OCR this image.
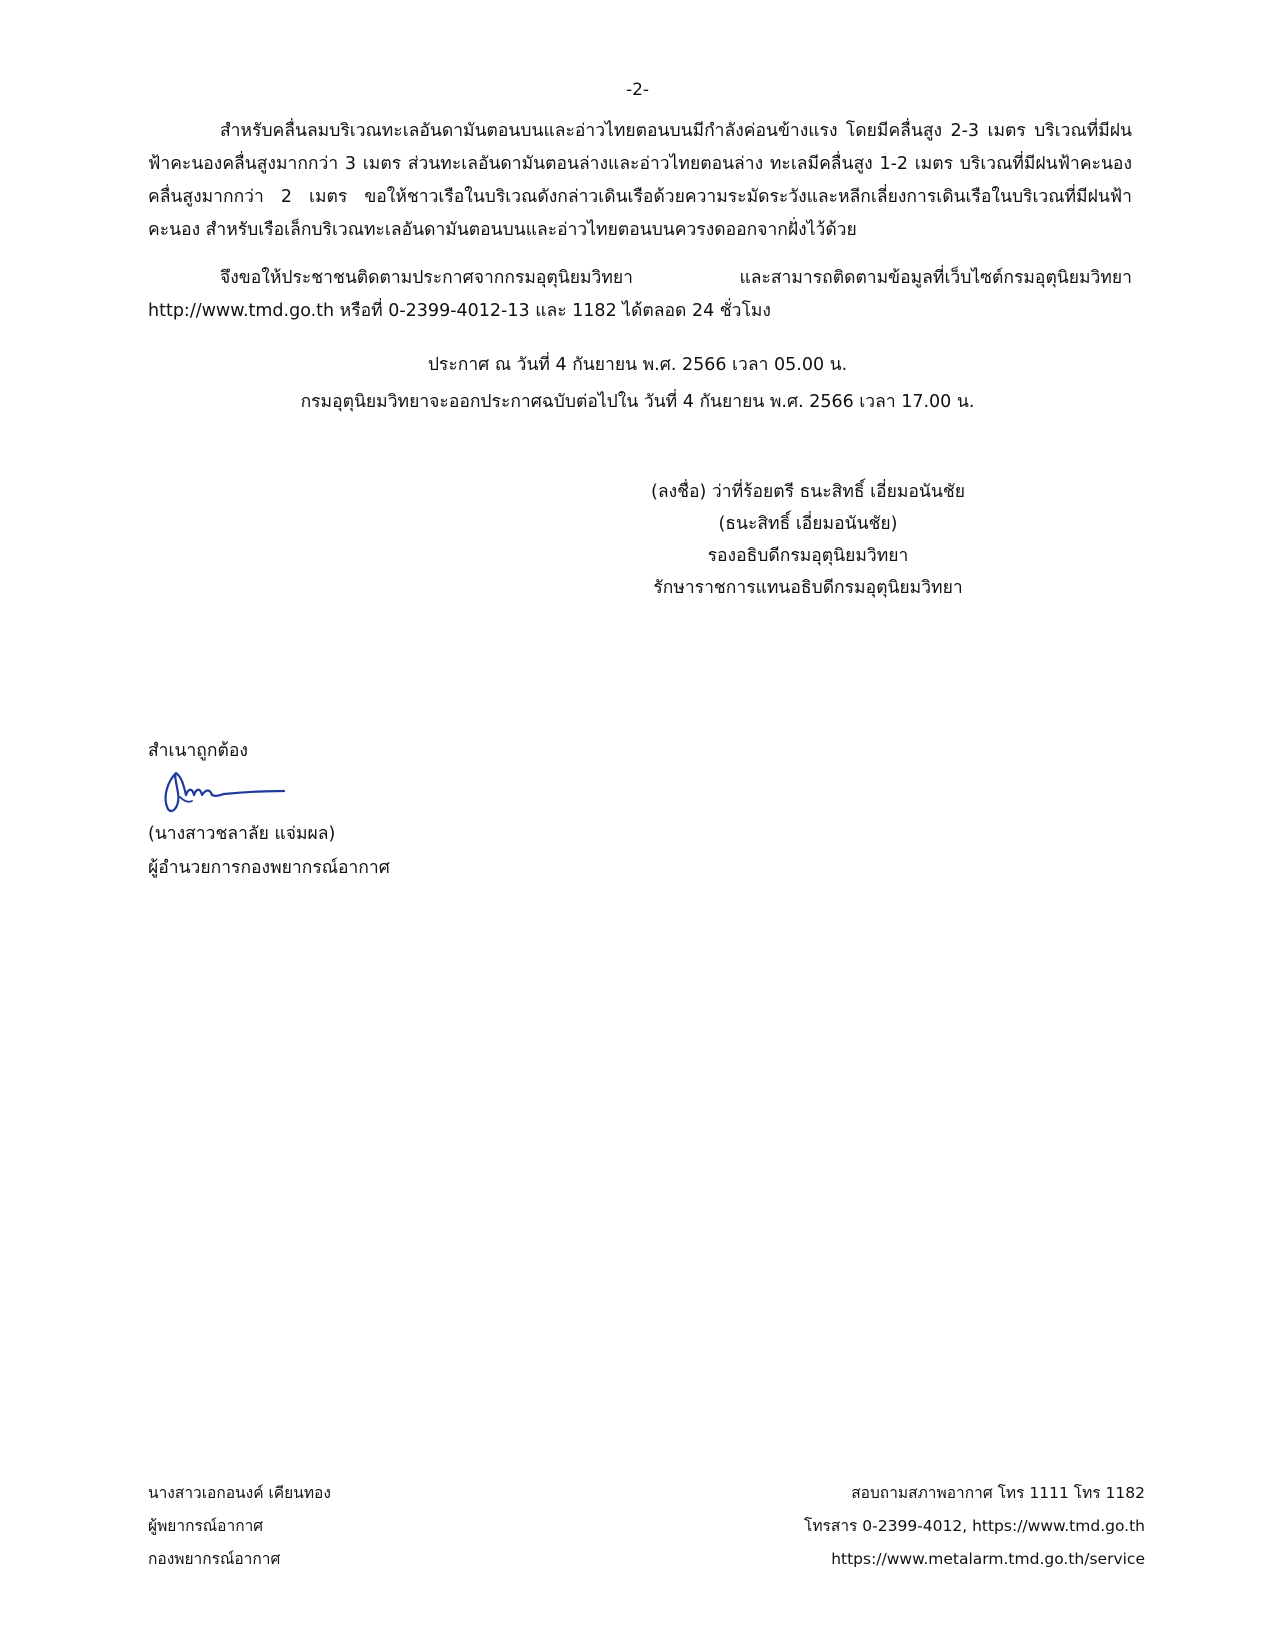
-2-

สำหรับคลื่นลมบริเวณทะเลอันดามันตอนบนและอ่าวไทยตอนบนมีกำลังค่อนข้างแรง โดยมีคลื่นสูง 2-3 เมตร บริเวณที่มีฝนฟ้าคะนองคลื่นสูงมากกว่า 3 เมตร ส่วนทะเลอันดามันตอนล่างและอ่าวไทยตอนล่าง ทะเลมีคลื่นสูง 1-2 เมตร บริเวณที่มีฝนฟ้าคะนองคลื่นสูงมากกว่า 2 เมตร ขอให้ชาวเรือในบริเวณดังกล่าวเดินเรือด้วยความระมัดระวังและหลีกเลี่ยงการเดินเรือในบริเวณที่มีฝนฟ้าคะนอง สำหรับเรือเล็กบริเวณทะเลอันดามันตอนบนและอ่าวไทยตอนบนควรงดออกจากฝั่งไว้ด้วย

จึงขอให้ประชาชนติดตามประกาศจากกรมอุตุนิยมวิทยา และสามารถติดตามข้อมูลที่เว็บไซต์กรมอุตุนิยมวิทยา http://www.tmd.go.th หรือที่ 0-2399-4012-13 และ 1182 ได้ตลอด 24 ชั่วโมง

ประกาศ ณ วันที่ 4 กันยายน พ.ศ. 2566 เวลา 05.00 น.
กรมอุตุนิยมวิทยาจะออกประกาศฉบับต่อไปใน วันที่ 4 กันยายน พ.ศ. 2566 เวลา 17.00 น.
(ลงชื่อ) ว่าที่ร้อยตรี ธนะสิทธิ์ เอี่ยมอนันชัย
(ธนะสิทธิ์ เอี่ยมอนันชัย)
รองอธิบดีกรมอุตุนิยมวิทยา
รักษาราชการแทนอธิบดีกรมอุตุนิยมวิทยา
สำเนาถูกต้อง
(นางสาวชลาลัย แจ่มผล)
ผู้อำนวยการกองพยากรณ์อากาศ
นางสาวเอกอนงค์ เคียนทอง
ผู้พยากรณ์อากาศ
กองพยากรณ์อากาศ
สอบถามสภาพอากาศ โทร 1111 โทร 1182
โทรสาร 0-2399-4012, https://www.tmd.go.th
https://www.metalarm.tmd.go.th/service
